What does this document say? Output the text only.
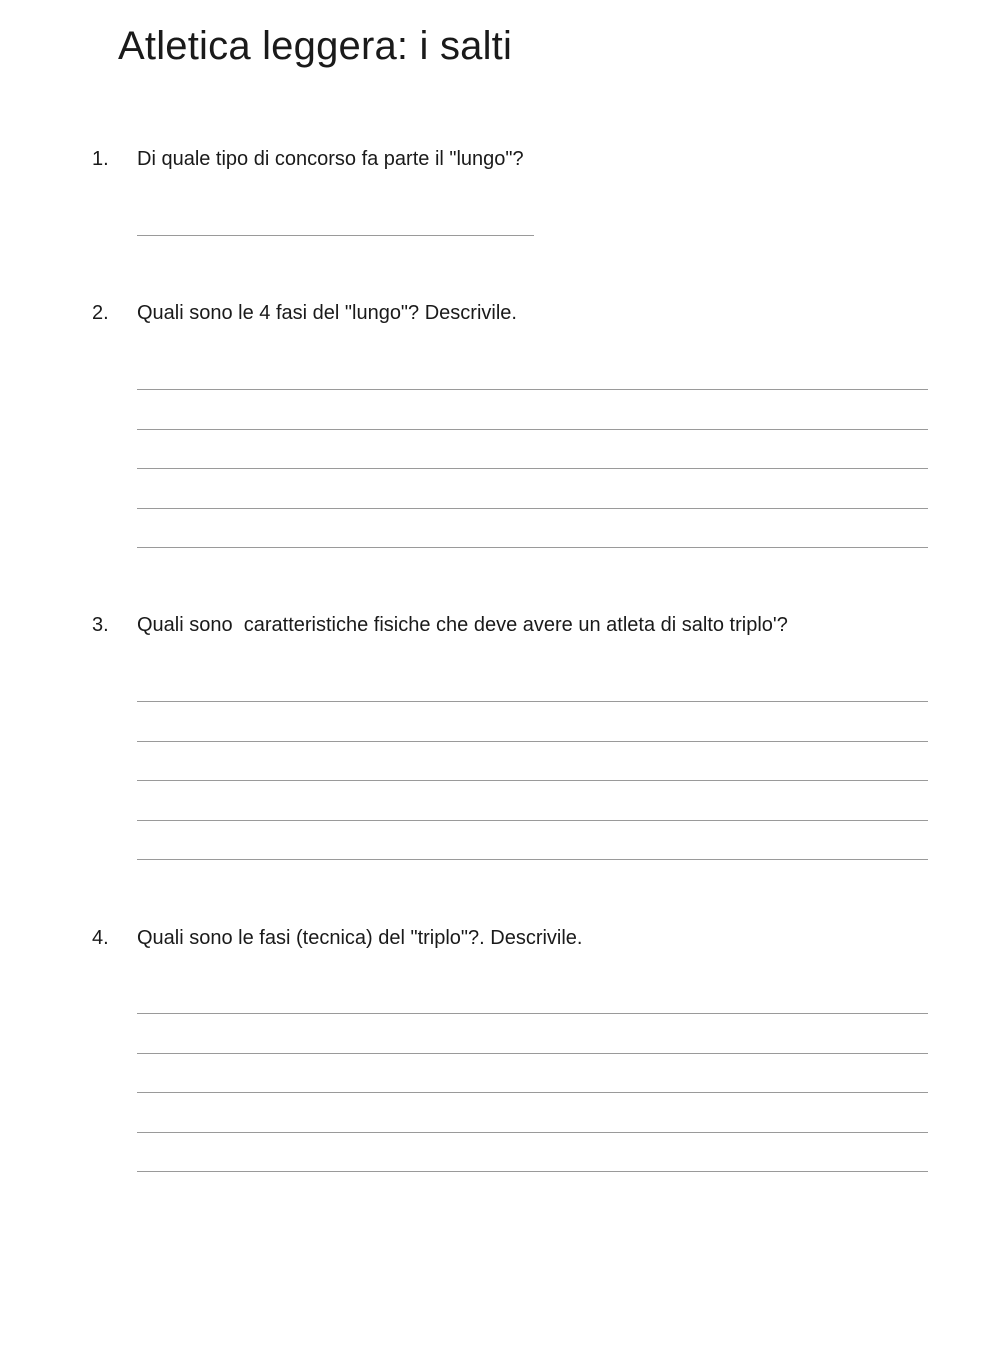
Atletica leggera: i salti
1. Di quale tipo di concorso fa parte il "lungo"?
2. Quali sono le 4 fasi del "lungo"? Descrivile.
3. Quali sono  caratteristiche fisiche che deve avere un atleta di salto triplo'?
4. Quali sono le fasi (tecnica) del "triplo"?. Descrivile.
